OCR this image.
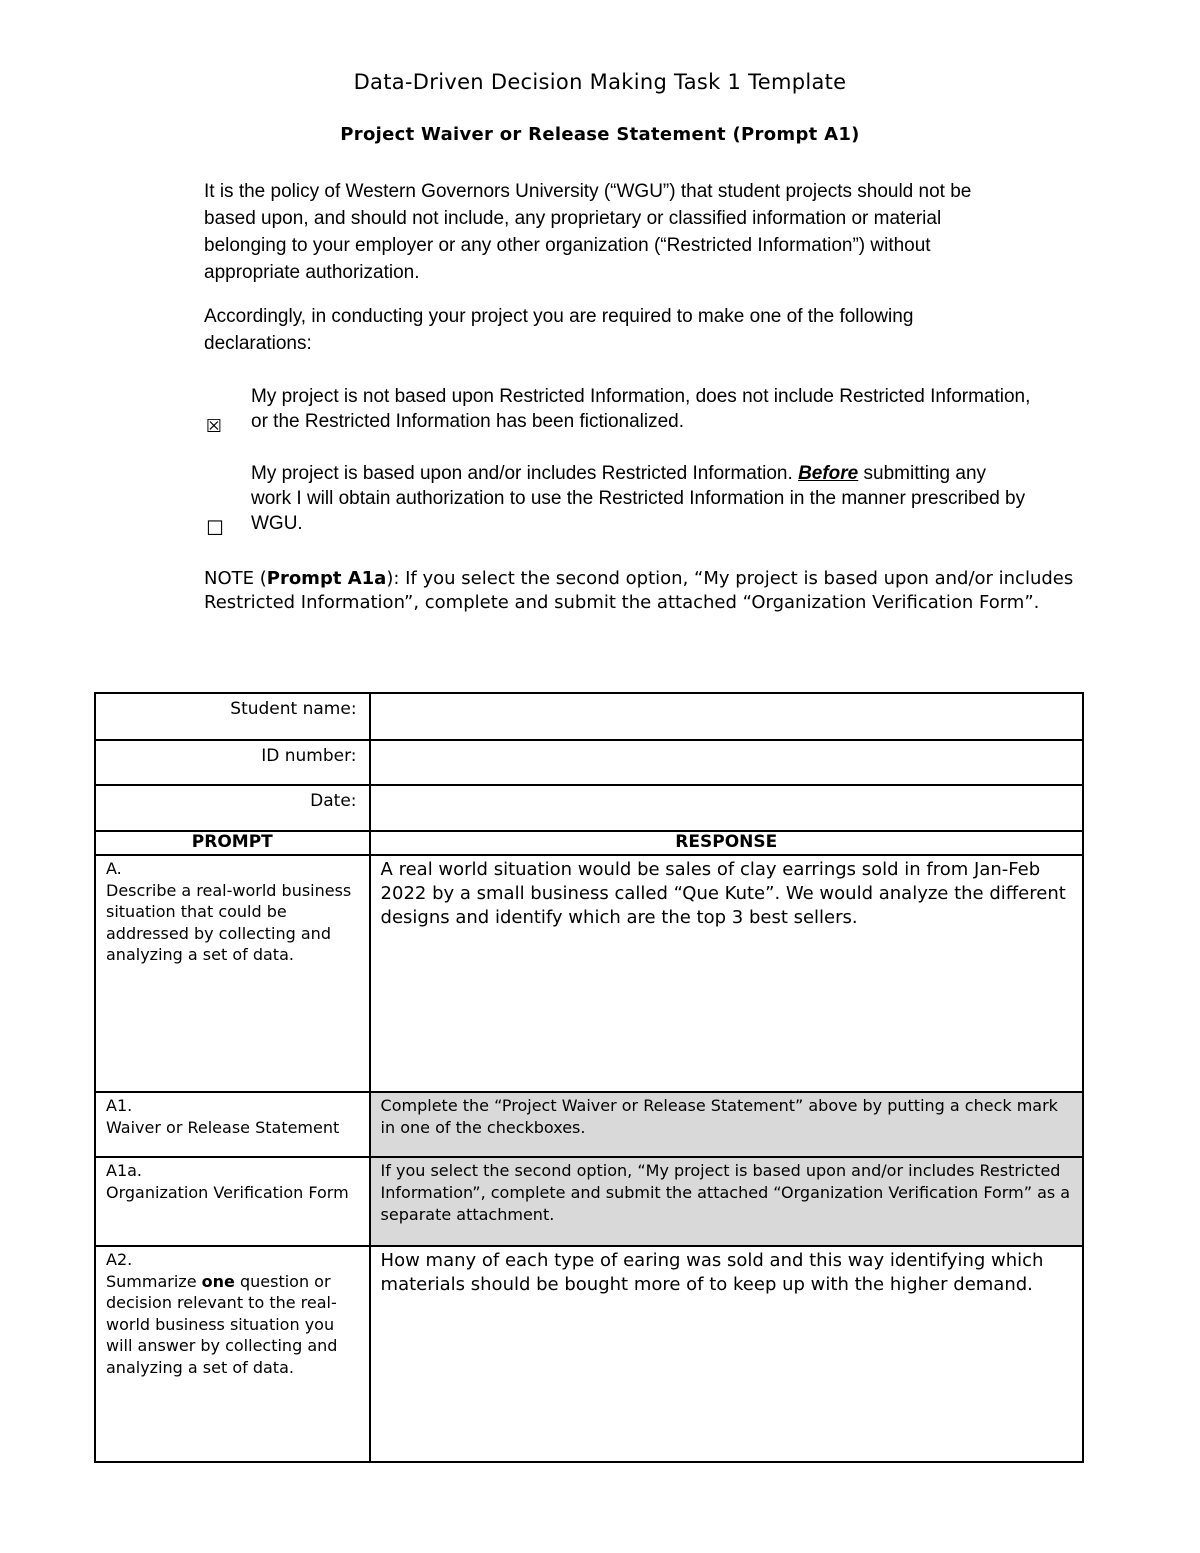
Data-Driven Decision Making Task 1 Template
Project Waiver or Release Statement (Prompt A1)
It is the policy of Western Governors University (“WGU”) that student projects should not be based upon, and should not include, any proprietary or classified information or material belonging to your employer or any other organization (“Restricted Information”) without appropriate authorization.
Accordingly, in conducting your project you are required to make one of the following declarations:
☒
My project is not based upon Restricted Information, does not include Restricted Information, or the Restricted Information has been fictionalized.
☐
My project is based upon and/or includes Restricted Information. Before submitting any work I will obtain authorization to use the Restricted Information in the manner prescribed by WGU.
NOTE (Prompt A1a): If you select the second option, “My project is based upon and/or includes Restricted Information”, complete and submit the attached “Organization Verification Form”.
Student name:	
ID number:	
Date:	
PROMPT	RESPONSE

A.
Describe a real-world business situation that could be addressed by collecting and analyzing a set of data.	A real world situation would be sales of clay earrings sold in from Jan-Feb 2022 by a small business called “Que Kute”. We would analyze the different designs and identify which are the top 3 best sellers.

A1.
Waiver or Release Statement	Complete the “Project Waiver or Release Statement” above by putting a check mark in one of the checkboxes.

A1a.
Organization Verification Form	If you select the second option, “My project is based upon and/or includes Restricted Information”, complete and submit the attached “Organization Verification Form” as a separate attachment.

A2.
Summarize one question or decision relevant to the real-world business situation you will answer by collecting and analyzing a set of data.	How many of each type of earing was sold and this way identifying which materials should be bought more of to keep up with the higher demand.
